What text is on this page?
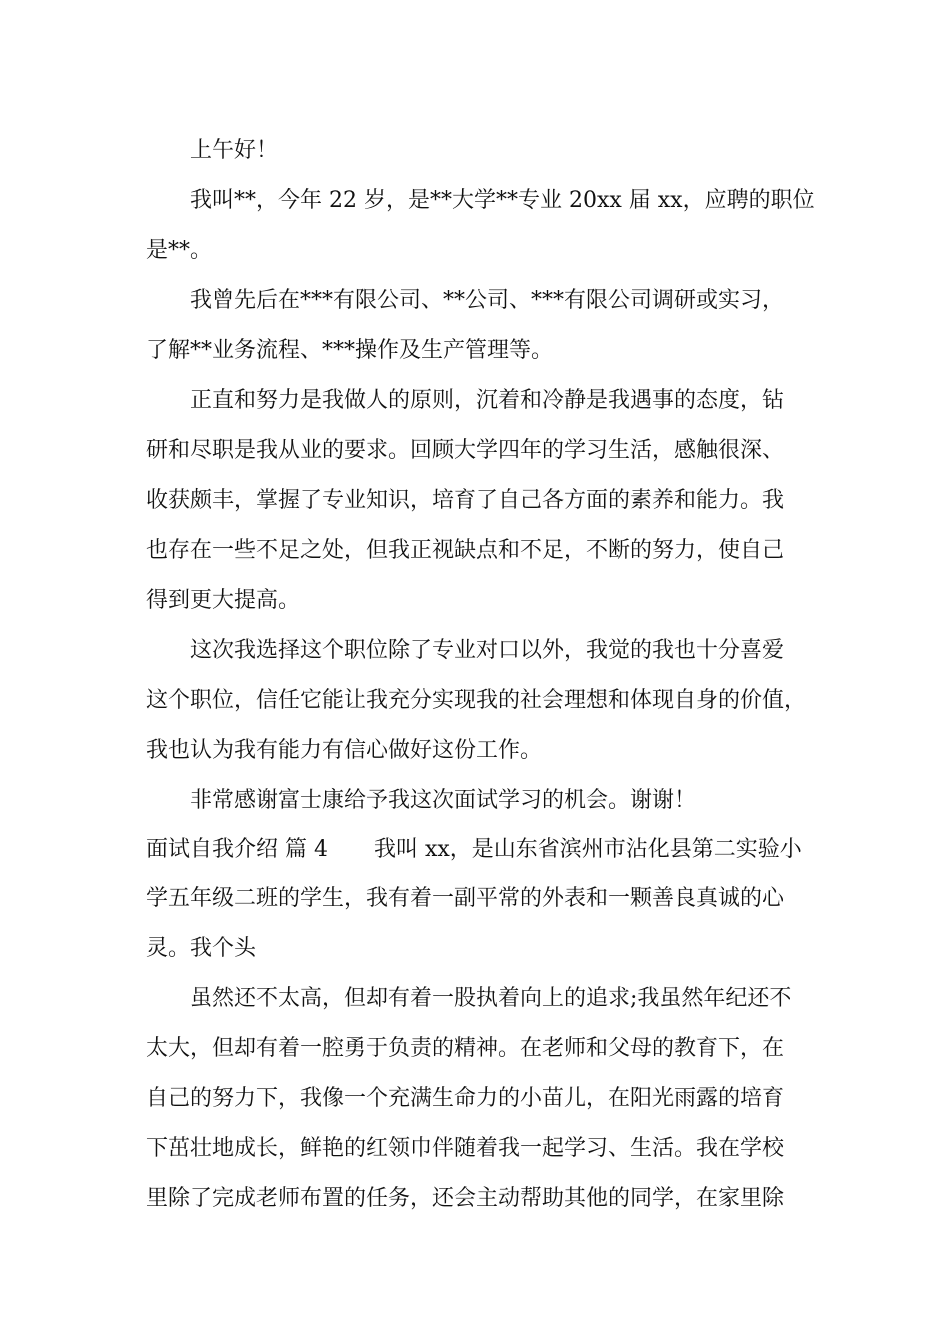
上午好！
我叫**，今年 22 岁，是**大学**专业 20xx 届 xx，应聘的职位
是**。
我曾先后在***有限公司、**公司、***有限公司调研或实习，
了解**业务流程、***操作及生产管理等。
正直和努力是我做人的原则，沉着和冷静是我遇事的态度，钻
研和尽职是我从业的要求。回顾大学四年的学习生活，感触很深、
收获颇丰，掌握了专业知识，培育了自己各方面的素养和能力。我
也存在一些不足之处，但我正视缺点和不足，不断的努力，使自己
得到更大提高。
这次我选择这个职位除了专业对口以外，我觉的我也十分喜爱
这个职位，信任它能让我充分实现我的社会理想和体现自身的价值，
我也认为我有能力有信心做好这份工作。
非常感谢富士康给予我这次面试学习的机会。谢谢！
面试自我介绍 篇 4 我叫 xx，是山东省滨州市沾化县第二实验小
学五年级二班的学生，我有着一副平常的外表和一颗善良真诚的心
灵。我个头
虽然还不太高，但却有着一股执着向上的追求;我虽然年纪还不
太大，但却有着一腔勇于负责的精神。在老师和父母的教育下，在
自己的努力下，我像一个充满生命力的小苗儿，在阳光雨露的培育
下茁壮地成长，鲜艳的红领巾伴随着我一起学习、生活。我在学校
里除了完成老师布置的任务，还会主动帮助其他的同学，在家里除
